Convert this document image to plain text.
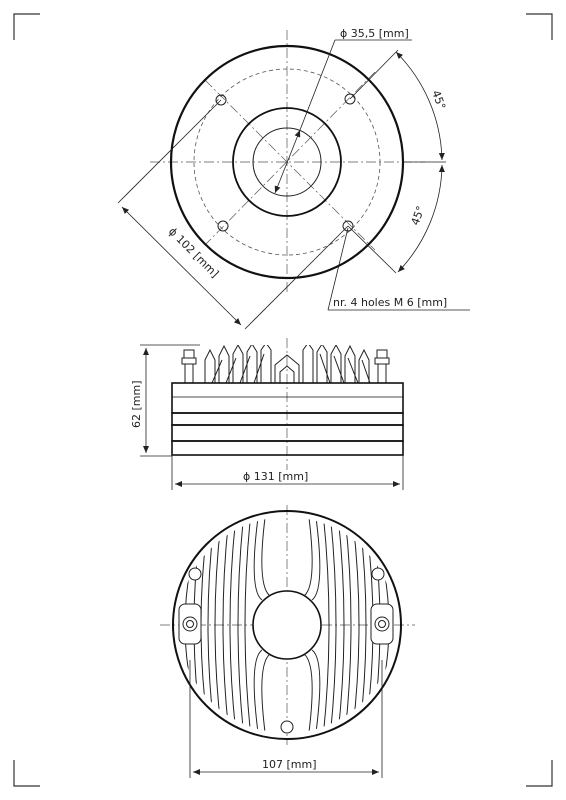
ϕ 35,5 [mm]
ϕ 102 [mm]
45°
45°
nr. 4 holes M 6 [mm]
62 [mm]
ϕ 131 [mm]
107 [mm]
